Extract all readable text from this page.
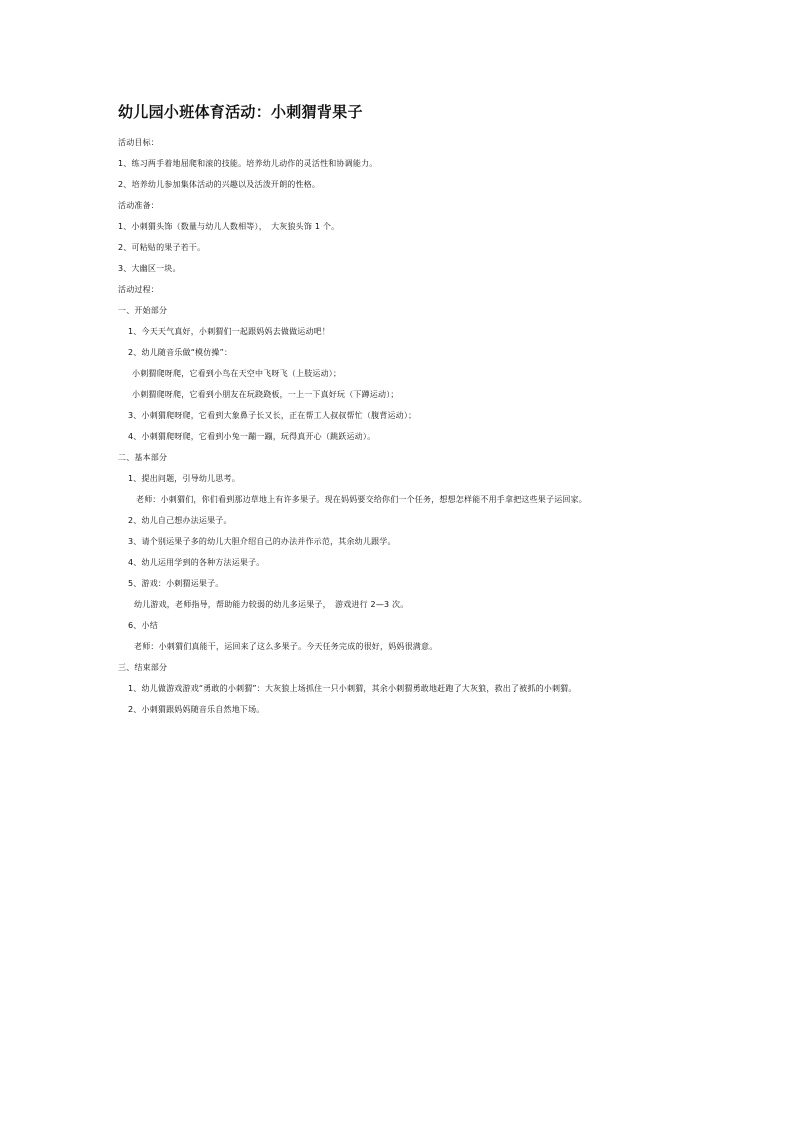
幼儿园小班体育活动：小刺猬背果子
活动目标：
1、练习两手着地屈爬和滚的技能。培养幼儿动作的灵活性和协调能力。
2、培养幼儿参加集体活动的兴趣以及活泼开朗的性格。
活动准备：
1、小刺猬头饰（数量与幼儿人数相等），　大灰狼头饰 1 个。
2、可粘贴的果子若干。
3、大幽区一块。
活动过程：
一、开始部分
1、今天天气真好，小刺猬们一起跟妈妈去做做运动吧！
2、幼儿随音乐做“模仿操”：
小刺猬爬呀爬，它看到小鸟在天空中飞呀飞（上肢运动）；
小刺猬爬呀爬，它看到小朋友在玩跷跷板，一上一下真好玩（下蹲运动）；
3、小刺猬爬呀爬，它看到大象鼻子长又长，正在帮工人叔叔帮忙（腹背运动）；
4、小刺猬爬呀爬，它看到小兔一蹦一蹦，玩得真开心（跳跃运动）。
二、基本部分
1、提出问题，引导幼儿思考。
老师：小刺猬们，你们看到那边草地上有许多果子。现在妈妈要交给你们一个任务，想想怎样能不用手拿把这些果子运回家。
2、幼儿自己想办法运果子。
3、请个别运果子多的幼儿大胆介绍自己的办法并作示范，其余幼儿跟学。
4、幼儿运用学到的各种方法运果子。
5、游戏：小刺猬运果子。
幼儿游戏，老师指导，帮助能力较弱的幼儿多运果子，　游戏进行 2—3 次。
6、小结
老师：小刺猬们真能干，运回来了这么多果子。今天任务完成的很好，妈妈很满意。
三、结束部分
1、幼儿做游戏游戏“勇敢的小刺猬”：大灰狼上场抓住一只小刺猬，其余小刺猬勇敢地赶跑了大灰狼，救出了被抓的小刺猬。
2、小刺猬跟妈妈随音乐自然地下场。
